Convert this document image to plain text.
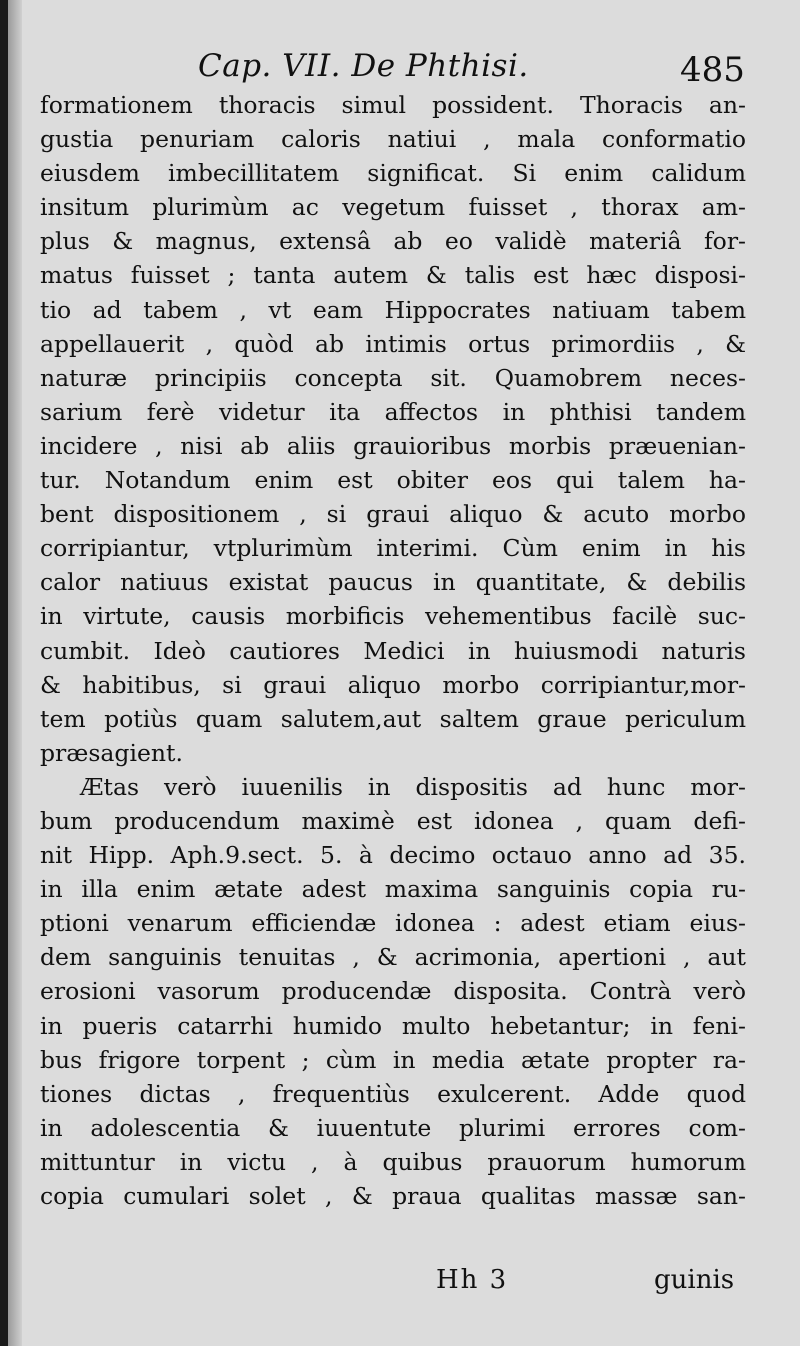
Cap. VII. De Phthisi.	485
formationem thoracis simul possident. Thoracis an-
gustia penuriam caloris natiui , mala conformatio
eiusdem imbecillitatem significat. Si enim calidum
insitum plurimùm ac vegetum fuisset , thorax am-
plus & magnus, extensâ ab eo validè materiâ for-
matus fuisset ; tanta autem & talis est hæc disposi-
tio ad tabem , vt eam Hippocrates natiuam tabem
appellauerit , quòd ab intimis ortus primordiis , &
naturæ principiis concepta sit. Quamobrem neces-
sarium ferè videtur ita affectos in phthisi tandem
incidere , nisi ab aliis grauioribus morbis præuenian-
tur. Notandum enim est obiter eos qui talem ha-
bent dispositionem , si graui aliquo & acuto morbo
corripiantur, vtplurimùm interimi. Cùm enim in his
calor natiuus existat paucus in quantitate, & debilis
in virtute, causis morbificis vehementibus facilè suc-
cumbit. Ideò cautiores Medici in huiusmodi naturis
& habitibus, si graui aliquo morbo corripiantur,mor-
tem potiùs quam salutem,aut saltem graue periculum
præsagient.
Ætas verò iuuenilis in dispositis ad hunc mor-
bum producendum maximè est idonea , quam defi-
nit Hipp. Aph.9.sect. 5. à decimo octauo anno ad 35.
in illa enim ætate adest maxima sanguinis copia ru-
ptioni venarum efficiendæ idonea : adest etiam eius-
dem sanguinis tenuitas , & acrimonia, apertioni , aut
erosioni vasorum producendæ disposita. Contrà verò
in pueris catarrhi humido multo hebetantur; in feni-
bus frigore torpent ; cùm in media ætate propter ra-
tiones dictas , frequentiùs exulcerent. Adde quod
in adolescentia & iuuentute plurimi errores com-
mittuntur in victu , à quibus prauorum humorum
copia cumulari solet , & praua qualitas massæ san-
Hh 3	guinis
